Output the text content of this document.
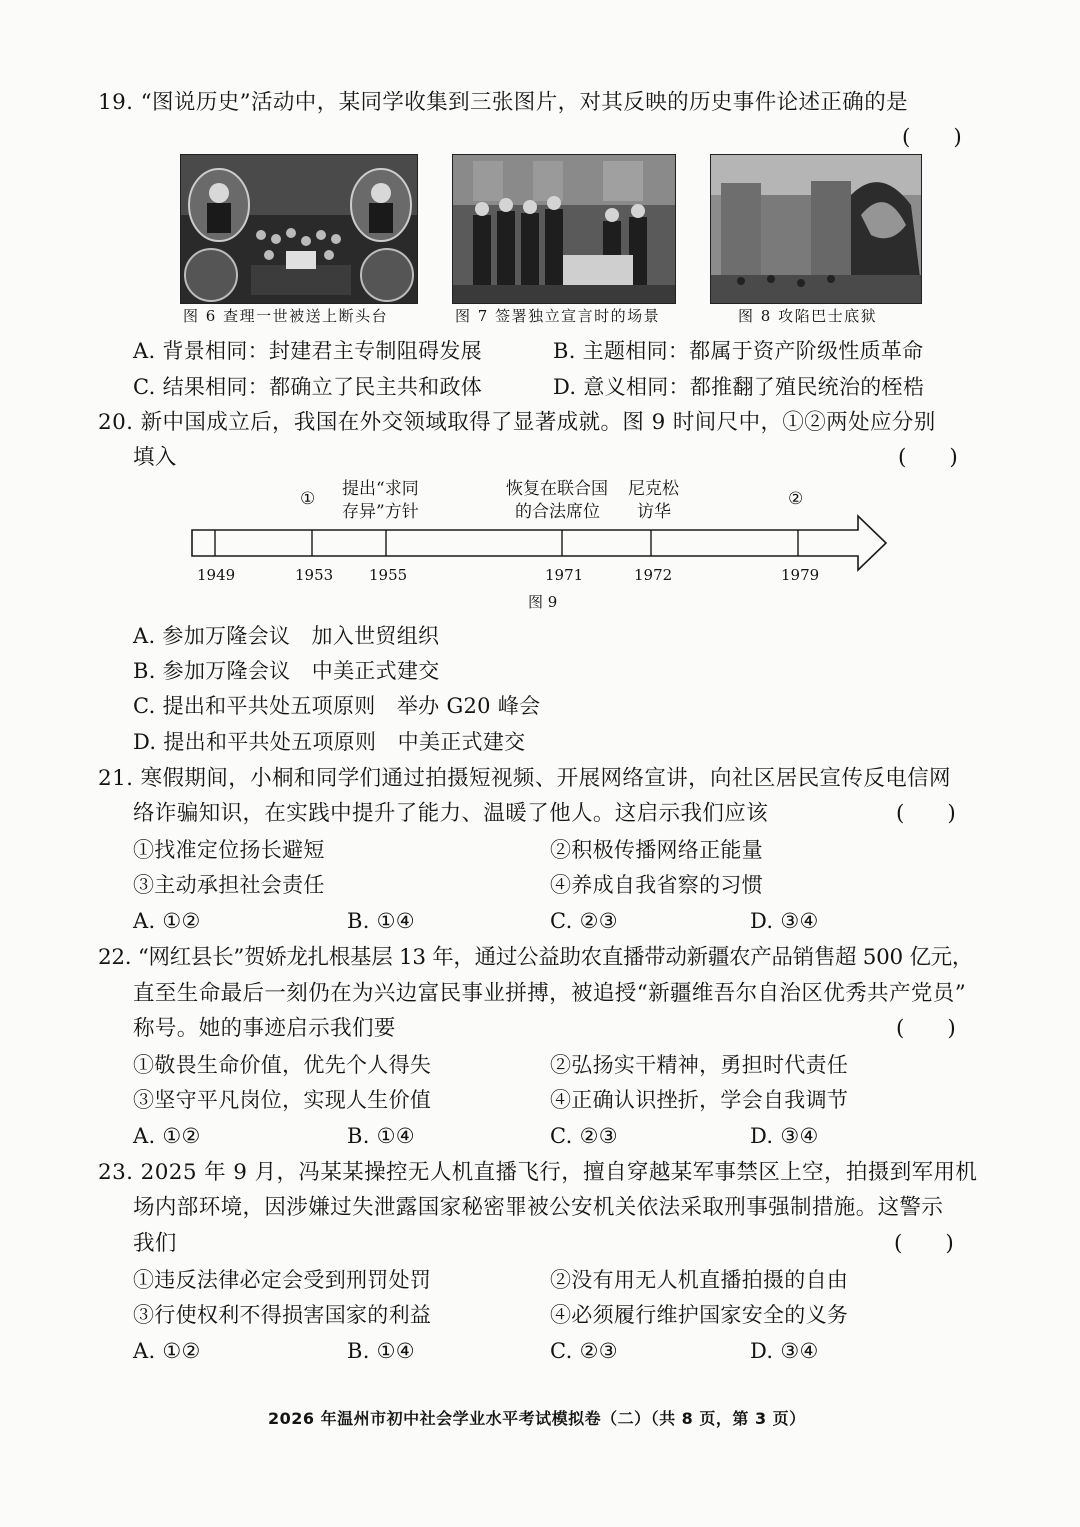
19. “图说历史”活动中，某同学收集到三张图片，对其反映的历史事件论述正确的是
(　　)
图 6 查理一世被送上断头台	图 7 签署独立宣言时的场景	图 8 攻陷巴士底狱
A. 背景相同：封建君主专制阻碍发展	B. 主题相同：都属于资产阶级性质革命
C. 结果相同：都确立了民主共和政体	D. 意义相同：都推翻了殖民统治的桎梏
20. 新中国成立后，我国在外交领域取得了显著成就。图 9 时间尺中，①②两处应分别
填入	(　　)
① 提出“求同
存异”方针
恢复在联合国
的合法席位
尼克松
访华
②
1949	1953 1955	1971	1972	1979
图 9
A. 参加万隆会议　加入世贸组织
B. 参加万隆会议　中美正式建交
C. 提出和平共处五项原则　举办 G20 峰会
D. 提出和平共处五项原则　中美正式建交
21. 寒假期间，小桐和同学们通过拍摄短视频、开展网络宣讲，向社区居民宣传反电信网
络诈骗知识，在实践中提升了能力、温暖了他人。这启示我们应该	(　　)
①找准定位扬长避短	②积极传播网络正能量
③主动承担社会责任	④养成自我省察的习惯
A. ①②	B. ①④	C. ②③	D. ③④
22. “网红县长”贺娇龙扎根基层 13 年，通过公益助农直播带动新疆农产品销售超 500 亿元，
直至生命最后一刻仍在为兴边富民事业拼搏，被追授“新疆维吾尔自治区优秀共产党员”
称号。她的事迹启示我们要	(　　)
①敬畏生命价值，优先个人得失	②弘扬实干精神，勇担时代责任
③坚守平凡岗位，实现人生价值	④正确认识挫折，学会自我调节
A. ①②	B. ①④	C. ②③	D. ③④
23. 2025 年 9 月，冯某某操控无人机直播飞行，擅自穿越某军事禁区上空，拍摄到军用机
场内部环境，因涉嫌过失泄露国家秘密罪被公安机关依法采取刑事强制措施。这警示
我们	(　　)
①违反法律必定会受到刑罚处罚	②没有用无人机直播拍摄的自由
③行使权利不得损害国家的利益	④必须履行维护国家安全的义务
A. ①②	B. ①④	C. ②③	D. ③④
2026 年温州市初中社会学业水平考试模拟卷（二）（共 8 页，第 3 页）
